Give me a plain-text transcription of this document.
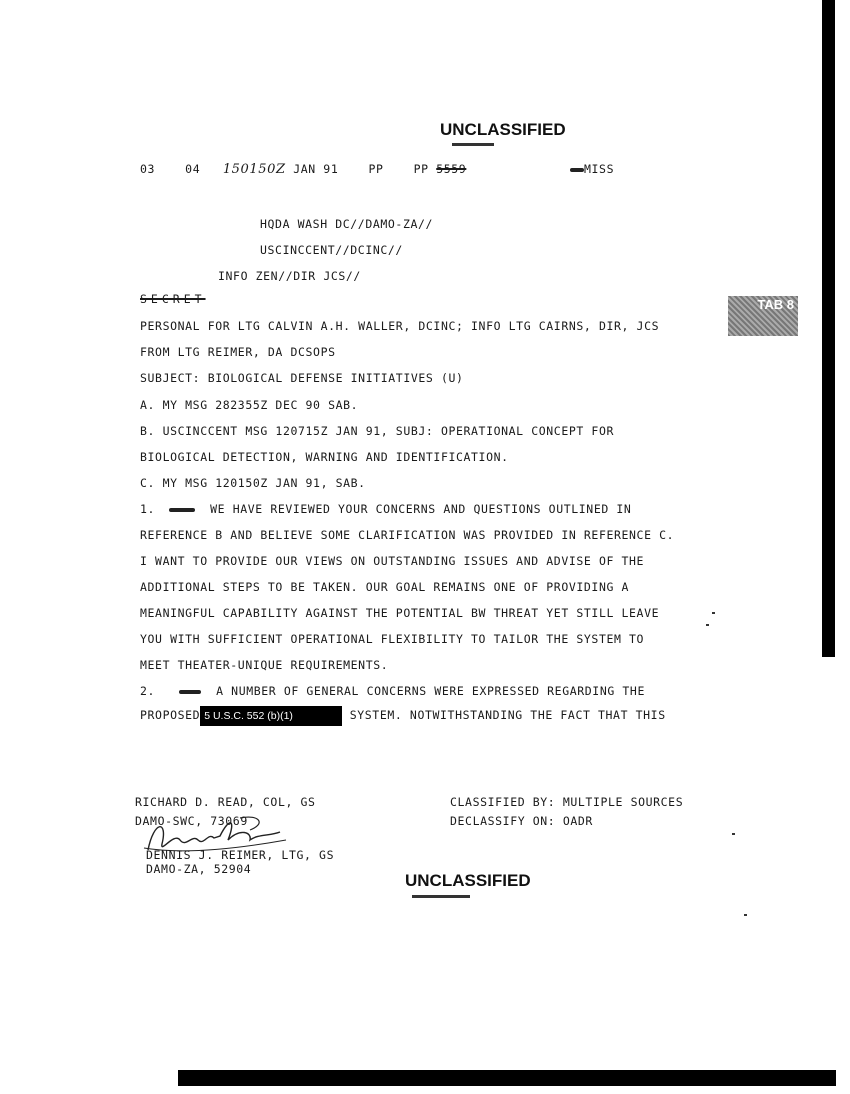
UNCLASSIFIED
03	04 150150Z JAN 91	PP	PP 5559	MISS
HQDA WASH DC//DAMO-ZA//
USCINCCENT//DCINC//
INFO ZEN//DIR JCS//
SECRET	TAB 8
PERSONAL FOR LTG CALVIN A.H. WALLER, DCINC; INFO LTG CAIRNS, DIR, JCS
FROM LTG REIMER, DA DCSOPS
SUBJECT: BIOLOGICAL DEFENSE INITIATIVES (U)
A. MY MSG 282355Z DEC 90 SAB.
B. USCINCCENT MSG 120715Z JAN 91, SUBJ: OPERATIONAL CONCEPT FOR
BIOLOGICAL DETECTION, WARNING AND IDENTIFICATION.
C. MY MSG 120150Z JAN 91, SAB.
1.	WE HAVE REVIEWED YOUR CONCERNS AND QUESTIONS OUTLINED IN
REFERENCE B AND BELIEVE SOME CLARIFICATION WAS PROVIDED IN REFERENCE C.
I WANT TO PROVIDE OUR VIEWS ON OUTSTANDING ISSUES AND ADVISE OF THE
ADDITIONAL STEPS TO BE TAKEN. OUR GOAL REMAINS ONE OF PROVIDING A
MEANINGFUL CAPABILITY AGAINST THE POTENTIAL BW THREAT YET STILL LEAVE
YOU WITH SUFFICIENT OPERATIONAL FLEXIBILITY TO TAILOR THE SYSTEM TO
MEET THEATER-UNIQUE REQUIREMENTS.
2.	A NUMBER OF GENERAL CONCERNS WERE EXPRESSED REGARDING THE
PROPOSED 5 U.S.C. 552 (b)(1)	SYSTEM. NOTWITHSTANDING THE FACT THAT THIS
RICHARD D. READ, COL, GS
DAMO-SWC, 73069
DENNIS J. REIMER, LTG, GS
DAMO-ZA, 52904
CLASSIFIED BY: MULTIPLE SOURCES
DECLASSIFY ON: OADR
UNCLASSIFIED
